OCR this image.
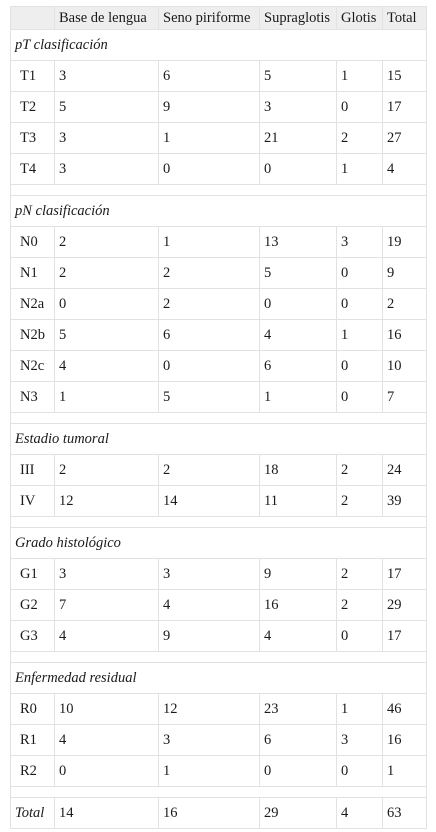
	Base de lengua	Seno piriforme	Supraglotis	Glotis	Total
pT clasificación					
T1	3	6	5	1	15
T2	5	9	3	0	17
T3	3	1	21	2	27
T4	3	0	0	1	4

pN clasificación					
N0	2	1	13	3	19
N1	2	2	5	0	9
N2a	0	2	0	0	2
N2b	5	6	4	1	16
N2c	4	0	6	0	10
N3	1	5	1	0	7

Estadio tumoral					
III	2	2	18	2	24
IV	12	14	11	2	39

Grado histológico					
G1	3	3	9	2	17
G2	7	4	16	2	29
G3	4	9	4	0	17

Enfermedad residual					
R0	10	12	23	1	46
R1	4	3	6	3	16
R2	0	1	0	0	1

Total	14	16	29	4	63
